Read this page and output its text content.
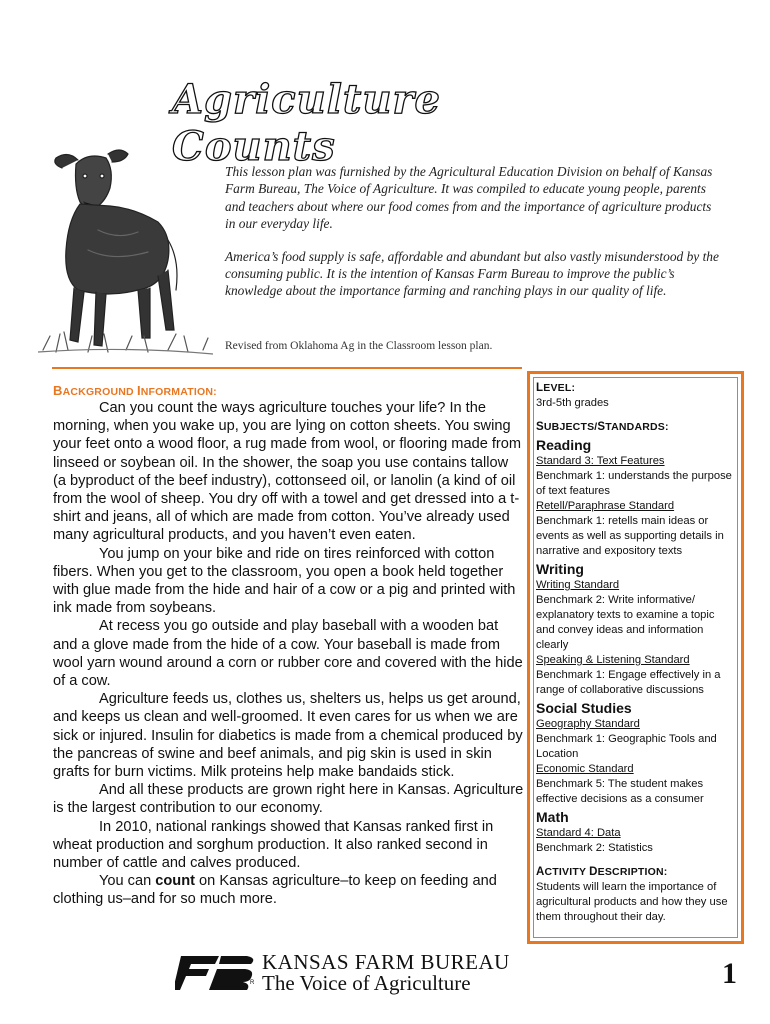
Agriculture Counts

This lesson plan was furnished by the Agricultural Education Division on behalf of Kansas Farm Bureau, The Voice of Agriculture. It was compiled to educate young people, parents and teachers about where our food comes from and the importance of agriculture products in our everyday life.

America’s food supply is safe, affordable and abundant but also vastly misunderstood by the consuming public. It is the intention of Kansas Farm Bureau to improve the public’s knowledge about the importance farming and ranching plays in our quality of life.

Revised from Oklahoma Ag in the Classroom lesson plan.
BACKGROUND INFORMATION:

Can you count the ways agriculture touches your life? In the morning, when you wake up, you are lying on cotton sheets. You swing your feet onto a wood floor, a rug made from wool, or flooring made from linseed or soybean oil. In the shower, the soap you use contains tallow (a byproduct of the beef industry), cottonseed oil, or lanolin (a kind of oil from the wool of sheep. You dry off with a towel and get dressed into a t-shirt and jeans, all of which are made from cotton. You’ve already used many agricultural products, and you haven’t even eaten.

You jump on your bike and ride on tires reinforced with cotton fibers. When you get to the classroom, you open a book held together with glue made from the hide and hair of a cow or a pig and printed with ink made from soybeans.

At recess you go outside and play baseball with a wooden bat and a glove made from the hide of a cow. Your baseball is made from wool yarn wound around a corn or rubber core and covered with the hide of a cow.

Agriculture feeds us, clothes us, shelters us, helps us get around, and keeps us clean and well-groomed. It even cares for us when we are sick or injured. Insulin for diabetics is made from a chemical produced by the pancreas of swine and beef animals, and pig skin is used in skin grafts for burn victims. Milk proteins help make bandaids stick.

And all these products are grown right here in Kansas. Agriculture is the largest contribution to our economy.

In 2010, national rankings showed that Kansas ranked first in wheat production and sorghum production. It also ranked second in number of cattle and calves produced.

You can count on Kansas agriculture–to keep on feeding and clothing us–and for so much more.

LEVEL:
3rd-5th grades
SUBJECTS/STANDARDS:
Reading
Standard 3: Text Features
Benchmark 1: understands the purpose of text features
Retell/Paraphrase Standard
Benchmark 1: retells main ideas or events as well as supporting details in narrative and expository texts
Writing
Writing Standard
Benchmark 2: Write informative/ explanatory texts to examine a topic and convey ideas and information clearly
Speaking & Listening Standard
Benchmark 1: Engage effectively in a range of collaborative discussions
Social Studies
Geography Standard
Benchmark 1: Geographic Tools and Location
Economic Standard
Benchmark 5: The student makes effective decisions as a consumer
Math
Standard 4: Data
Benchmark 2: Statistics
ACTIVITY DESCRIPTION:
Students will learn the importance of agricultural products and how they use them throughout their day.
R
KANSAS FARM BUREAU
The Voice of Agriculture	1
